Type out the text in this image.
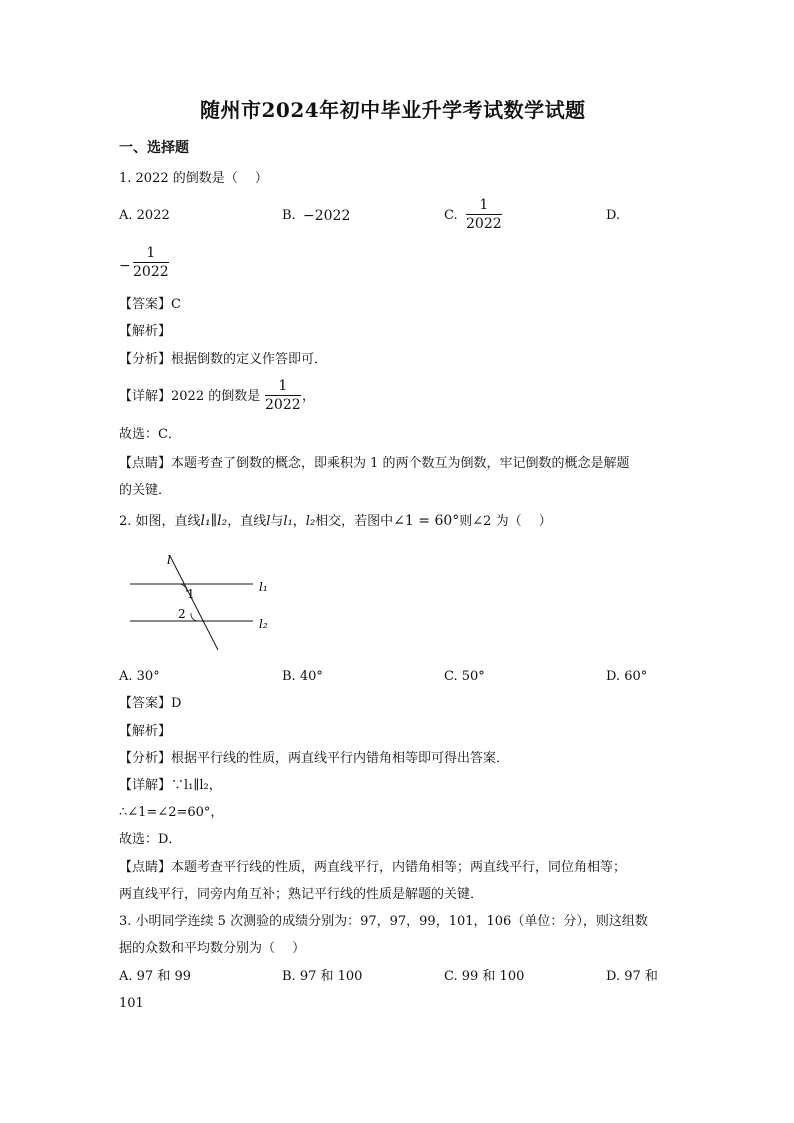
随州市2024年初中毕业升学考试数学试题
一、选择题
1. 2022 的倒数是（　 ）
A. 2022	B. −2022	C.
1
2022
D.
−
1
2022
【答案】C
【解析】
【分析】根据倒数的定义作答即可．
【详解】2022 的倒数是
1
2022
，
故选：C．
【点睛】本题考查了倒数的概念，即乘积为 1 的两个数互为倒数，牢记倒数的概念是解题
的关键．
2. 如图，直线l₁∥l₂，直线l与l₁，l₂相交，若图中∠1 = 60°则∠2 为（　 ）
l
1
2
l₁
l₂
A. 30°	B. 40°	C. 50°	D. 60°
【答案】D
【解析】
【分析】根据平行线的性质，两直线平行内错角相等即可得出答案．
【详解】∵l₁∥l₂，
∴∠1=∠2=60°，
故选：D．
【点睛】本题考查平行线的性质，两直线平行，内错角相等；两直线平行，同位角相等；
两直线平行，同旁内角互补；熟记平行线的性质是解题的关键．
3. 小明同学连续 5 次测验的成绩分别为：97，97，99，101，106（单位：分），则这组数
据的众数和平均数分别为（　 ）
A. 97 和 99	B. 97 和 100	C. 99 和 100	D. 97 和
101
